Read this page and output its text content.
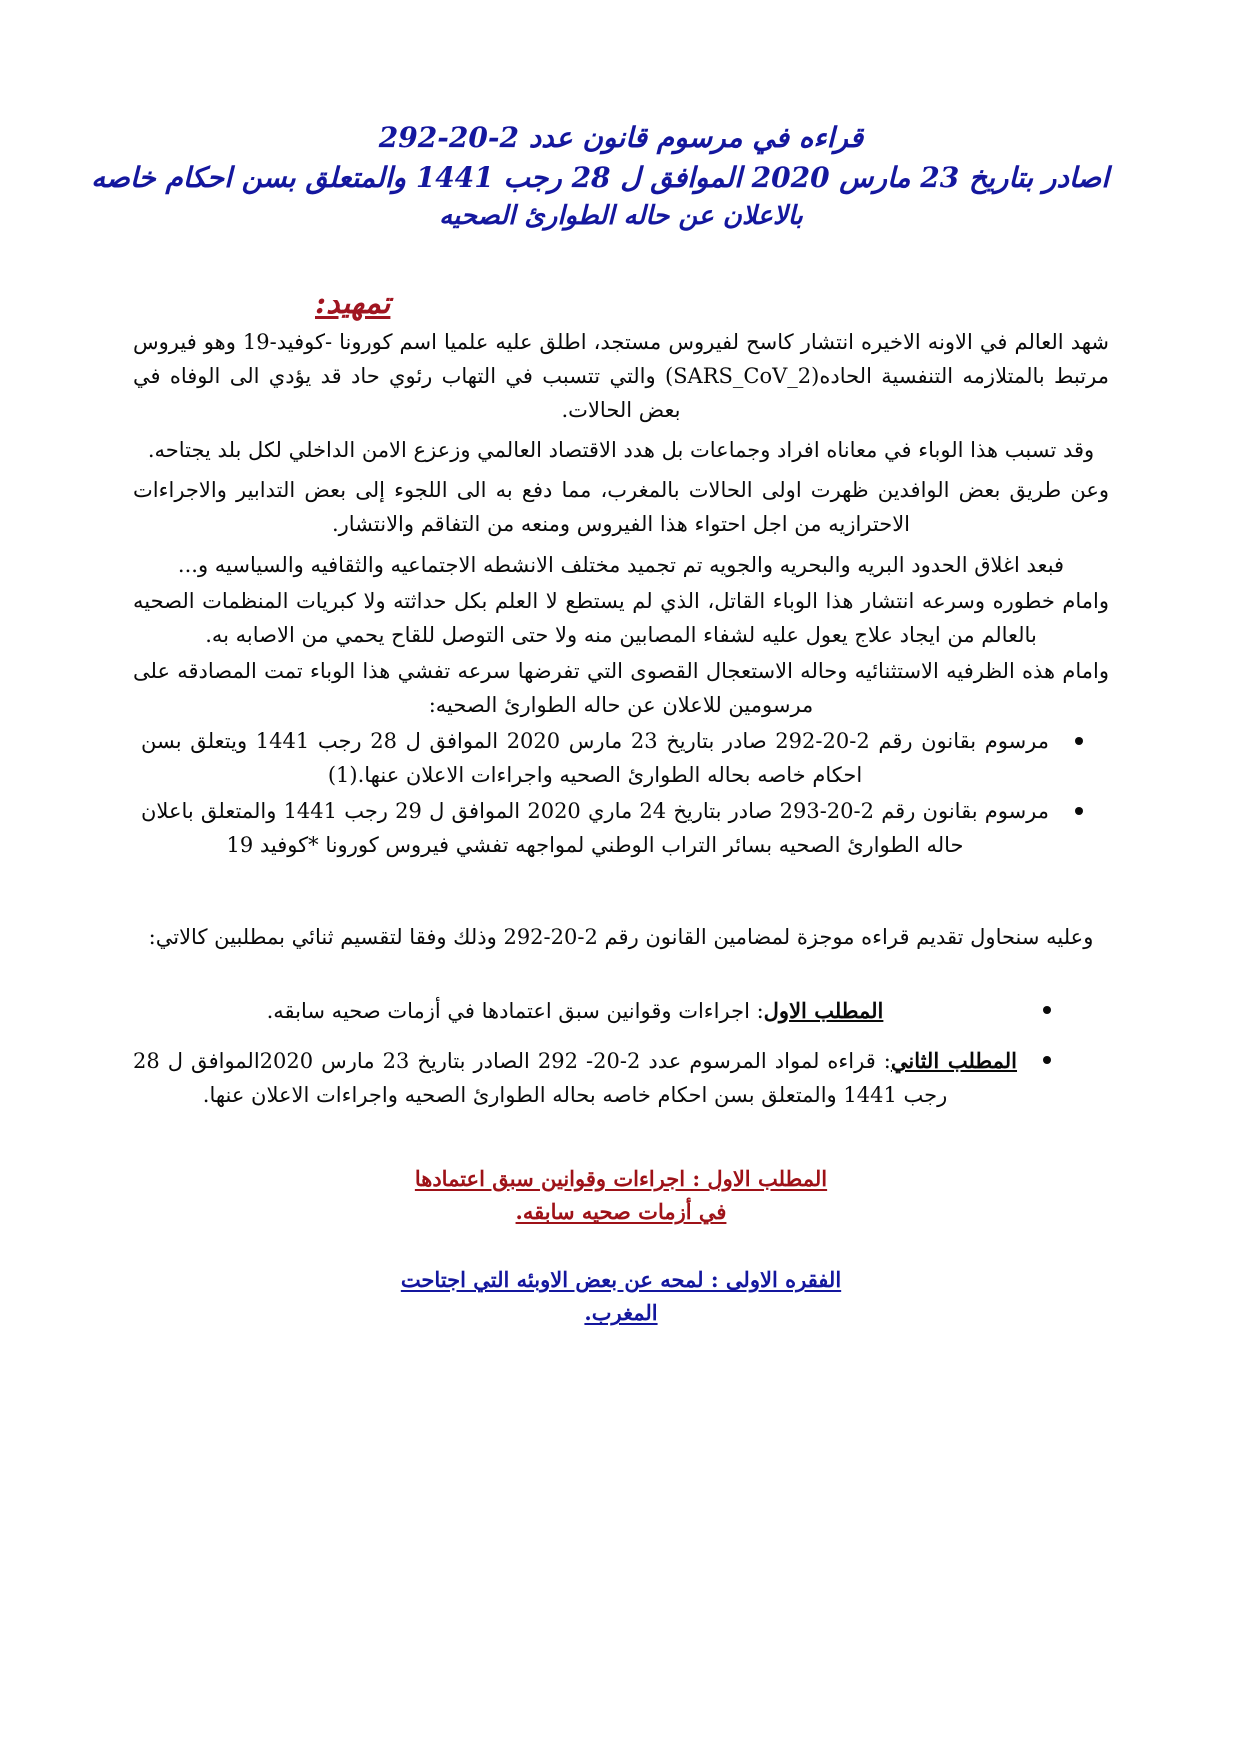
قراءه في مرسوم قانون عدد 2-20-292
اصادر بتاريخ 23 مارس 2020 الموافق ل 28 رجب 1441 والمتعلق بسن احكام خاصه
بالاعلان عن حاله الطوارئ الصحيه
تمهيد:

شهد العالم في الاونه الاخيره انتشار كاسح لفيروس مستجد، اطلق عليه علميا اسم كورونا -كوفيد-19 وهو فيروس مرتبط بالمتلازمه التنفسية الحاده(SARS_CoV_2) والتي تتسبب في التهاب رئوي حاد قد يؤدي الى الوفاه في بعض الحالات.

وقد تسبب هذا الوباء في معاناه افراد وجماعات بل هدد الاقتصاد العالمي وزعزع الامن الداخلي لكل بلد يجتاحه.

وعن طريق بعض الوافدين ظهرت اولى الحالات بالمغرب، مما دفع به الى اللجوء إلى بعض التدابير والاجراءات الاحترازيه من اجل احتواء هذا الفيروس ومنعه من التفاقم والانتشار.

فبعد اغلاق الحدود البريه والبحريه والجويه تم تجميد مختلف الانشطه الاجتماعيه والثقافيه والسياسيه و...

وامام خطوره وسرعه انتشار هذا الوباء القاتل، الذي لم يستطع لا العلم بكل حداثته ولا كبريات المنظمات الصحيه بالعالم من ايجاد علاج يعول عليه لشفاء المصابين منه ولا حتى التوصل للقاح يحمي من الاصابه به.

وامام هذه الظرفيه الاستثنائيه وحاله الاستعجال القصوى التي تفرضها سرعه تفشي هذا الوباء تمت المصادقه على مرسومين للاعلان عن حاله الطوارئ الصحيه:

مرسوم بقانون رقم 2-20-292 صادر بتاريخ 23 مارس 2020 الموافق ل 28 رجب 1441 ويتعلق بسن احكام خاصه بحاله الطوارئ الصحيه واجراءات الاعلان عنها.(1)
مرسوم بقانون رقم 2-20-293 صادر بتاريخ 24 ماري 2020 الموافق ل 29 رجب 1441 والمتعلق باعلان حاله الطوارئ الصحيه بسائر التراب الوطني لمواجهه تفشي فيروس كورونا *كوفيد 19

وعليه سنحاول تقديم قراءه موجزة لمضامين القانون رقم 2-20-292 وذلك وفقا لتقسيم ثنائي بمطلبين كالاتي:

المطلب الاول: اجراءات وقوانين سبق اعتمادها في أزمات صحيه سابقه.
المطلب الثاني: قراءه لمواد المرسوم عدد 2-20- 292 الصادر بتاريخ 23 مارس 2020الموافق ل 28 رجب 1441 والمتعلق بسن احكام خاصه بحاله الطوارئ الصحيه واجراءات الاعلان عنها.
المطلب الاول : اجراءات وقوانين سبق اعتمادها
في أزمات صحيه سابقه.
الفقره الاولى : لمحه عن بعض الاوبئه التي اجتاحت
المغرب.
